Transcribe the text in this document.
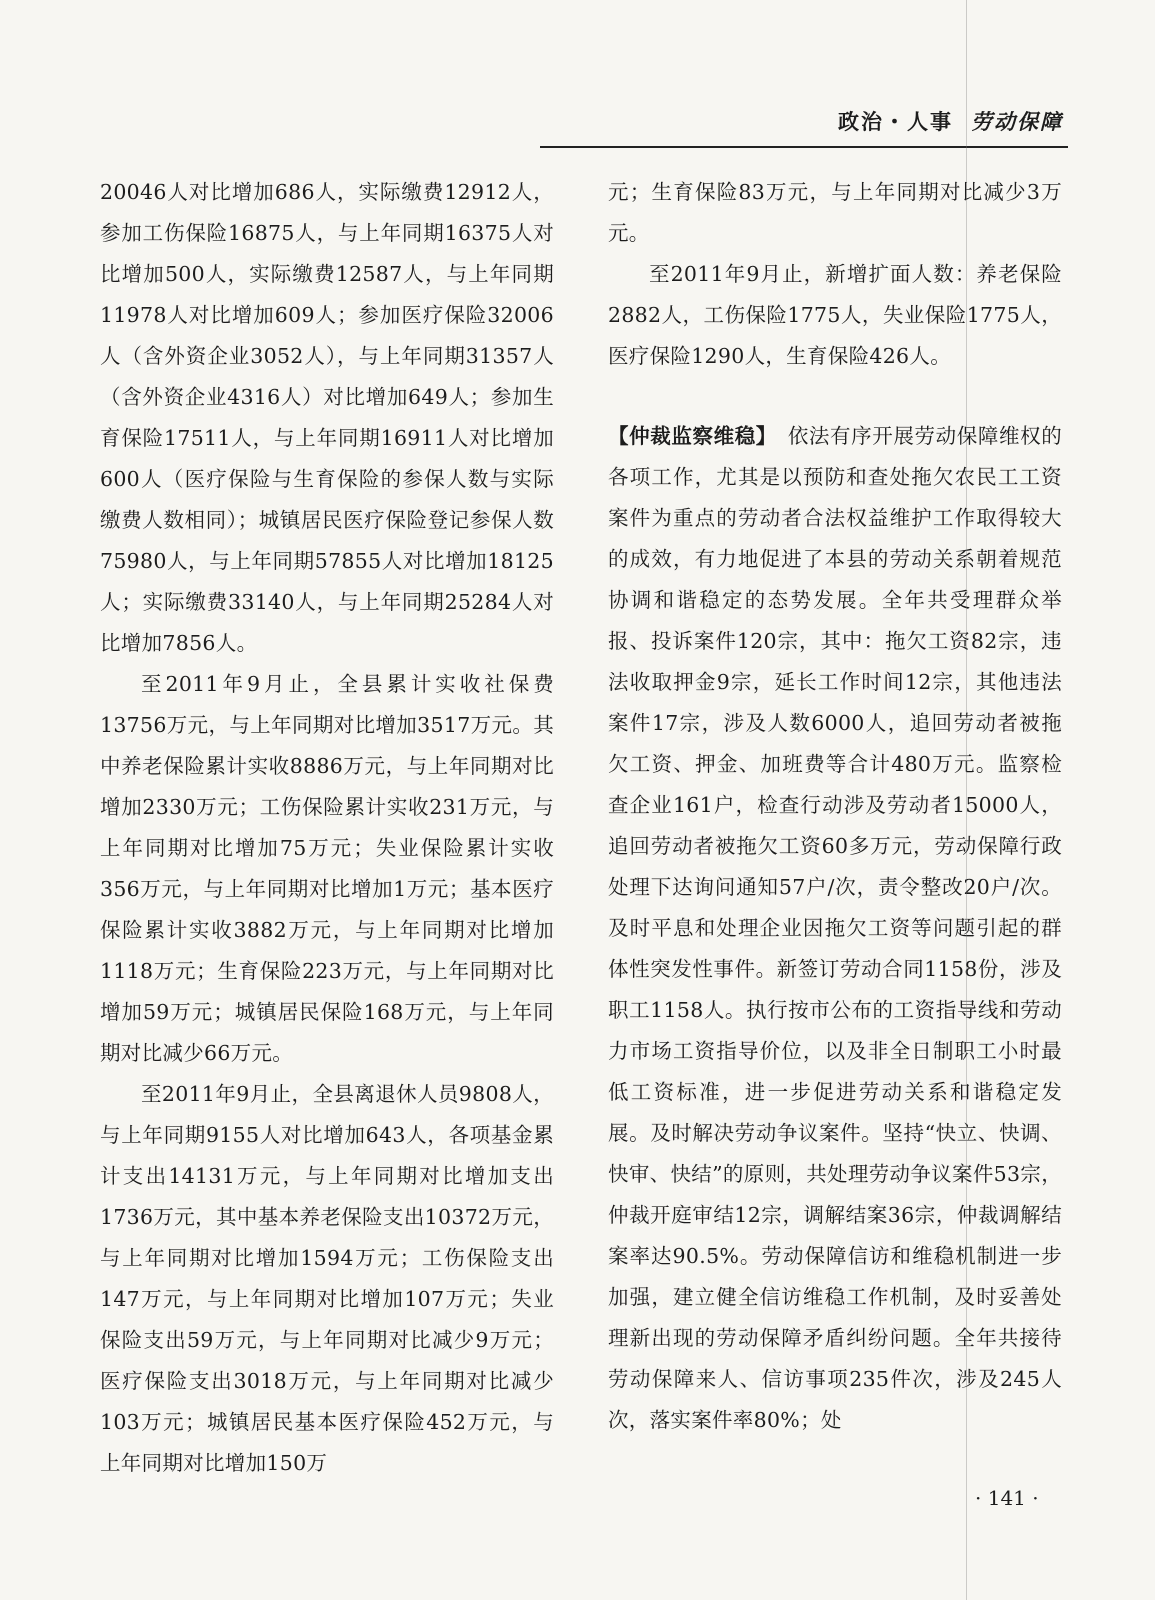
政治・人事 劳动保障

20046人对比增加686人，实际缴费12912人，参加工伤保险16875人，与上年同期16375人对比增加500人，实际缴费12587人，与上年同期11978人对比增加609人；参加医疗保险32006人（含外资企业3052人），与上年同期31357人（含外资企业4316人）对比增加649人；参加生育保险17511人，与上年同期16911人对比增加600人（医疗保险与生育保险的参保人数与实际缴费人数相同）；城镇居民医疗保险登记参保人数75980人，与上年同期57855人对比增加18125人；实际缴费33140人，与上年同期25284人对比增加7856人。

至2011年9月止，全县累计实收社保费13756万元，与上年同期对比增加3517万元。其中养老保险累计实收8886万元，与上年同期对比增加2330万元；工伤保险累计实收231万元，与上年同期对比增加75万元；失业保险累计实收356万元，与上年同期对比增加1万元；基本医疗保险累计实收3882万元，与上年同期对比增加1118万元；生育保险223万元，与上年同期对比增加59万元；城镇居民保险168万元，与上年同期对比减少66万元。

至2011年9月止，全县离退休人员9808人，与上年同期9155人对比增加643人，各项基金累计支出14131万元，与上年同期对比增加支出1736万元，其中基本养老保险支出10372万元，与上年同期对比增加1594万元；工伤保险支出147万元，与上年同期对比增加107万元；失业保险支出59万元，与上年同期对比减少9万元；医疗保险支出3018万元，与上年同期对比减少103万元；城镇居民基本医疗保险452万元，与上年同期对比增加150万

元；生育保险83万元，与上年同期对比减少3万元。

至2011年9月止，新增扩面人数：养老保险2882人，工伤保险1775人，失业保险1775人，医疗保险1290人，生育保险426人。

【仲裁监察维稳】　 依法有序开展劳动保障维权的各项工作，尤其是以预防和查处拖欠农民工工资案件为重点的劳动者合法权益维护工作取得较大的成效，有力地促进了本县的劳动关系朝着规范协调和谐稳定的态势发展。全年共受理群众举报、投诉案件120宗，其中：拖欠工资82宗，违法收取押金9宗，延长工作时间12宗，其他违法案件17宗，涉及人数6000人，追回劳动者被拖欠工资、押金、加班费等合计480万元。监察检查企业161户，检查行动涉及劳动者15000人，追回劳动者被拖欠工资60多万元，劳动保障行政处理下达询问通知57户/次，责令整改20户/次。及时平息和处理企业因拖欠工资等问题引起的群体性突发性事件。新签订劳动合同1158份，涉及职工1158人。执行按市公布的工资指导线和劳动力市场工资指导价位，以及非全日制职工小时最低工资标准，进一步促进劳动关系和谐稳定发展。及时解决劳动争议案件。坚持“快立、快调、快审、快结”的原则，共处理劳动争议案件53宗，仲裁开庭审结12宗，调解结案36宗，仲裁调解结案率达90.5%。劳动保障信访和维稳机制进一步加强，建立健全信访维稳工作机制，及时妥善处理新出现的劳动保障矛盾纠纷问题。全年共接待劳动保障来人、信访事项235件次，涉及245人次，落实案件率80%；处

· 141 ·
